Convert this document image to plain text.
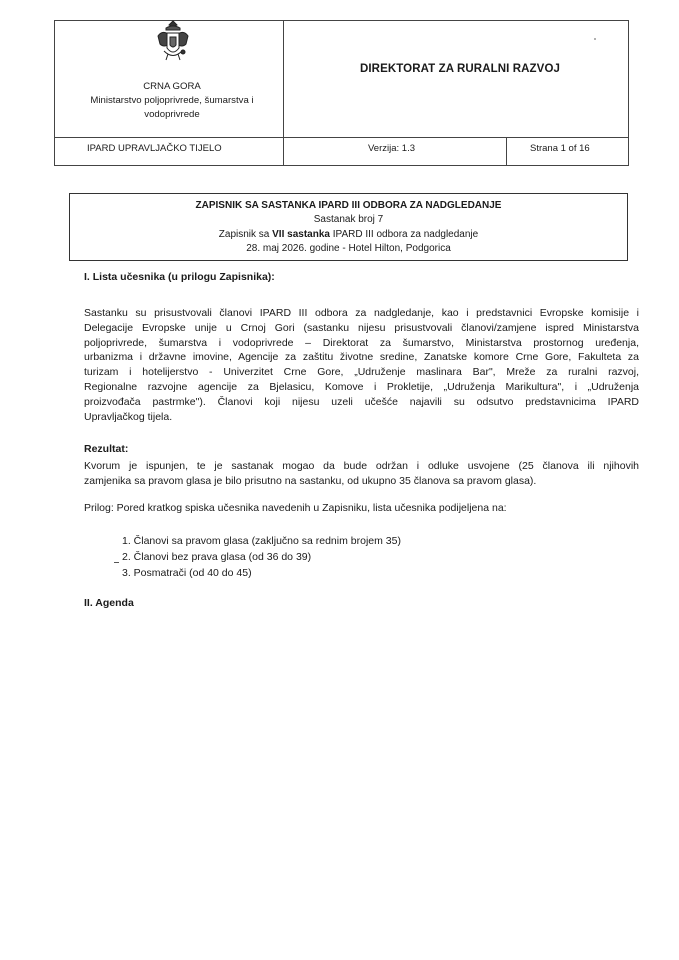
CRNA GORA
Ministarstvo poljoprivrede, šumarstva i
vodoprivrede
DIREKTORAT ZA RURALNI RAZVOJ
IPARD UPRAVLJAČKO TIJELO	Verzija: 1.3	Strana 1 of 16
ZAPISNIK SA SASTANKA IPARD III ODBORA ZA NADGLEDANJE
Sastanak broj 7
Zapisnik sa VII sastanka IPARD III odbora za nadgledanje
28. maj 2026. godine - Hotel Hilton, Podgorica
I. Lista učesnika (u prilogu Zapisnika):
Sastanku su prisustvovali članovi IPARD III odbora za nadgledanje, kao i predstavnici Evropske komisije i
Delegacije Evropske unije u Crnoj Gori (sastanku nijesu prisustvovali članovi/zamjene ispred Ministarstva
poljoprivrede, šumarstva i vodoprivrede – Direktorat za šumarstvo, Ministarstva prostornog uređenja,
urbanizma i državne imovine, Agencije za zaštitu životne sredine, Zanatske komore Crne Gore, Fakulteta za
turizam i hotelijerstvo - Univerzitet Crne Gore, „Udruženje maslinara Bar", Mreže za ruralni razvoj,
Regionalne razvojne agencije za Bjelasicu, Komove i Prokletije, „Udruženja Marikultura", i „Udruženja
proizvođača pastrmke"). Članovi koji nijesu uzeli učešće najavili su odsutvo predstavnicima IPARD
Upravljačkog tijela.
Rezultat:
Kvorum je ispunjen, te je sastanak mogao da bude održan i odluke usvojene (25 članova ili njihovih
zamjenika sa pravom glasa je bilo prisutno na sastanku, od ukupno 35 članova sa pravom glasa).
Prilog: Pored kratkog spiska učesnika navedenih u Zapisniku, lista učesnika podijeljena na:
1. Članovi sa pravom glasa (zaključno sa rednim brojem 35)
2. Članovi bez prava glasa (od 36 do 39)
3. Posmatrači (od 40 do 45)
II. Agenda
